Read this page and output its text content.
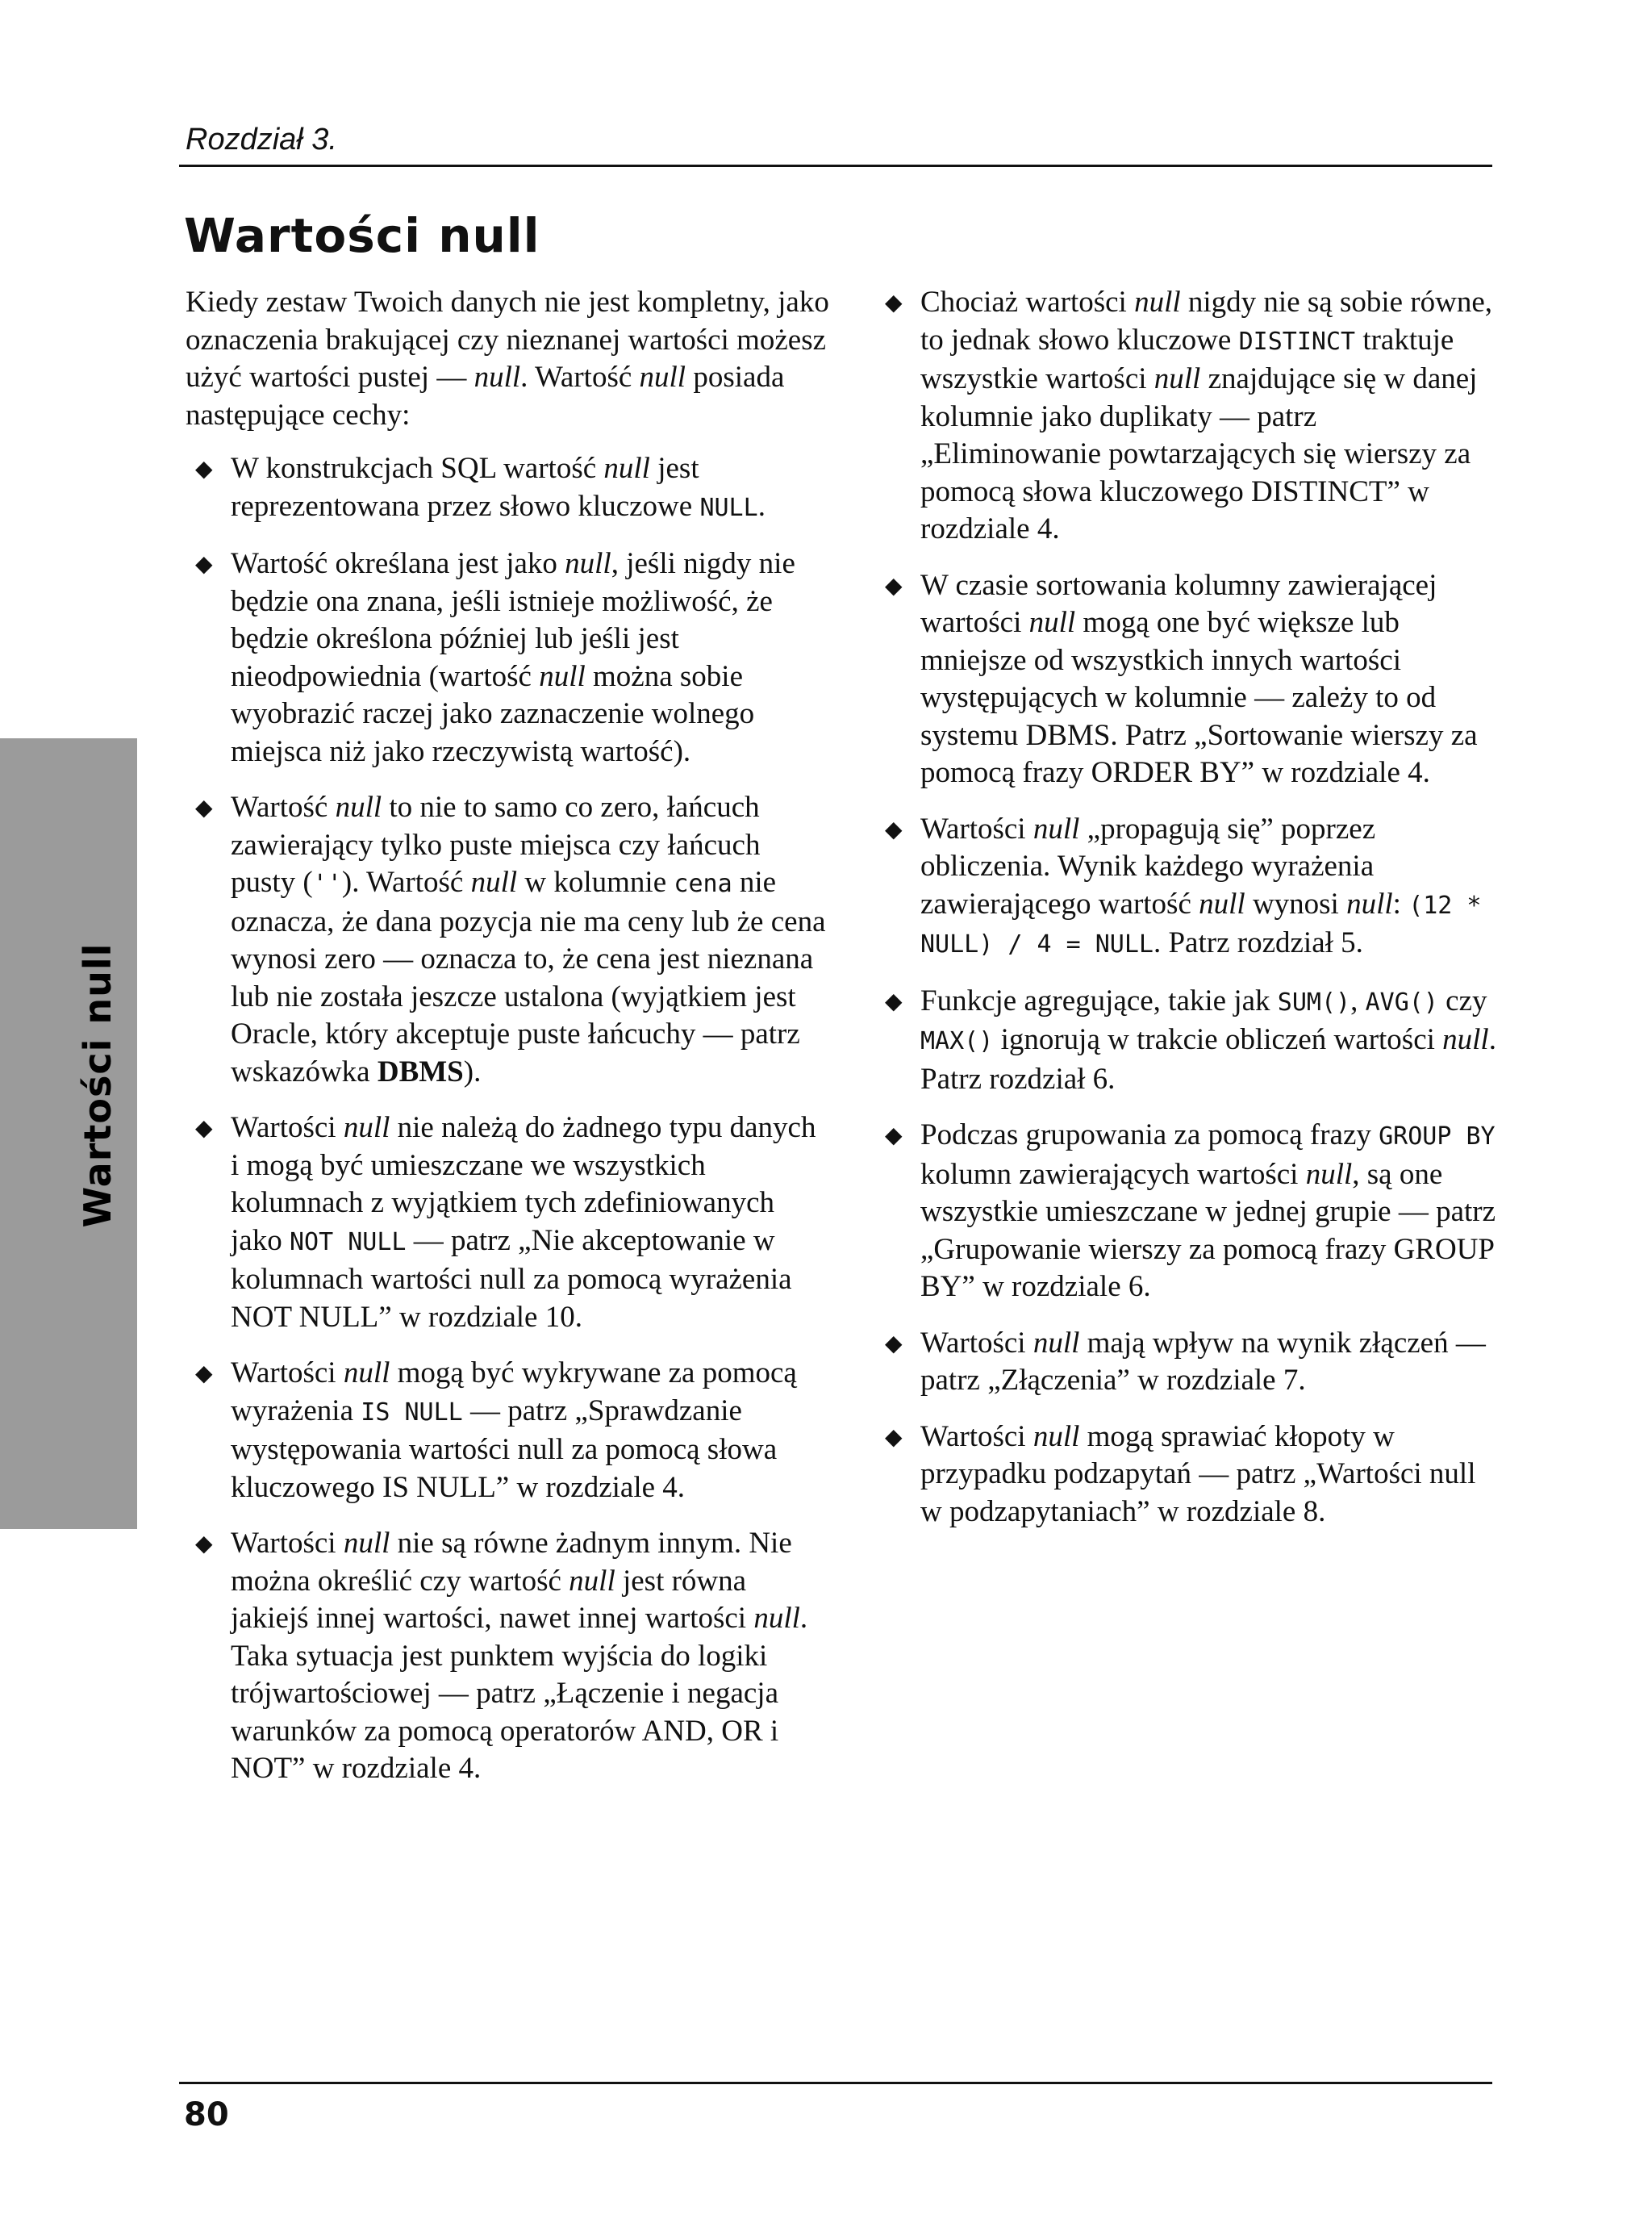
Rozdział 3.
Wartości null
Wartości null

Kiedy zestaw Twoich danych nie jest kompletny, jako oznaczenia brakującej czy nieznanej wartości możesz użyć wartości pustej — null. Wartość null posiada następujące cechy:

◆ W konstrukcjach SQL wartość null jest reprezentowana przez słowo kluczowe NULL.
◆ Wartość określana jest jako null, jeśli nigdy nie będzie ona znana, jeśli istnieje możliwość, że będzie określona później lub jeśli jest nieodpowiednia (wartość null można sobie wyobrazić raczej jako zaznaczenie wolnego miejsca niż jako rzeczywistą wartość).
◆ Wartość null to nie to samo co zero, łańcuch zawierający tylko puste miejsca czy łańcuch pusty (''). Wartość null w kolumnie cena nie oznacza, że dana pozycja nie ma ceny lub że cena wynosi zero — oznacza to, że cena jest nieznana lub nie została jeszcze ustalona (wyjątkiem jest Oracle, który akceptuje puste łańcuchy — patrz wskazówka DBMS).
◆ Wartości null nie należą do żadnego typu danych i mogą być umieszczane we wszystkich kolumnach z wyjątkiem tych zdefiniowanych jako NOT NULL — patrz „Nie akceptowanie w kolumnach wartości null za pomocą wyrażenia NOT NULL” w rozdziale 10.
◆ Wartości null mogą być wykrywane za pomocą wyrażenia IS NULL — patrz „Sprawdzanie występowania wartości null za pomocą słowa kluczowego IS NULL” w rozdziale 4.
◆ Wartości null nie są równe żadnym innym. Nie można określić czy wartość null jest równa jakiejś innej wartości, nawet innej wartości null. Taka sytuacja jest punktem wyjścia do logiki trójwartościowej — patrz „Łączenie i negacja warunków za pomocą operatorów AND, OR i NOT” w rozdziale 4.
◆ Chociaż wartości null nigdy nie są sobie równe, to jednak słowo kluczowe DISTINCT traktuje wszystkie wartości null znajdujące się w danej kolumnie jako duplikaty — patrz „Eliminowanie powtarzających się wierszy za pomocą słowa kluczowego DISTINCT” w rozdziale 4.
◆ W czasie sortowania kolumny zawierającej wartości null mogą one być większe lub mniejsze od wszystkich innych wartości występujących w kolumnie — zależy to od systemu DBMS. Patrz „Sortowanie wierszy za pomocą frazy ORDER BY” w rozdziale 4.
◆ Wartości null „propagują się” poprzez obliczenia. Wynik każdego wyrażenia zawierającego wartość null wynosi null: (12 * NULL) / 4 = NULL. Patrz rozdział 5.
◆ Funkcje agregujące, takie jak SUM(), AVG() czy MAX() ignorują w trakcie obliczeń wartości null. Patrz rozdział 6.
◆ Podczas grupowania za pomocą frazy GROUP BY kolumn zawierających wartości null, są one wszystkie umieszczane w jednej grupie — patrz „Grupowanie wierszy za pomocą frazy GROUP BY” w rozdziale 6.
◆ Wartości null mają wpływ na wynik złączeń — patrz „Złączenia” w rozdziale 7.
◆ Wartości null mogą sprawiać kłopoty w przypadku podzapytań — patrz „Wartości null w podzapytaniach” w rozdziale 8.
80
